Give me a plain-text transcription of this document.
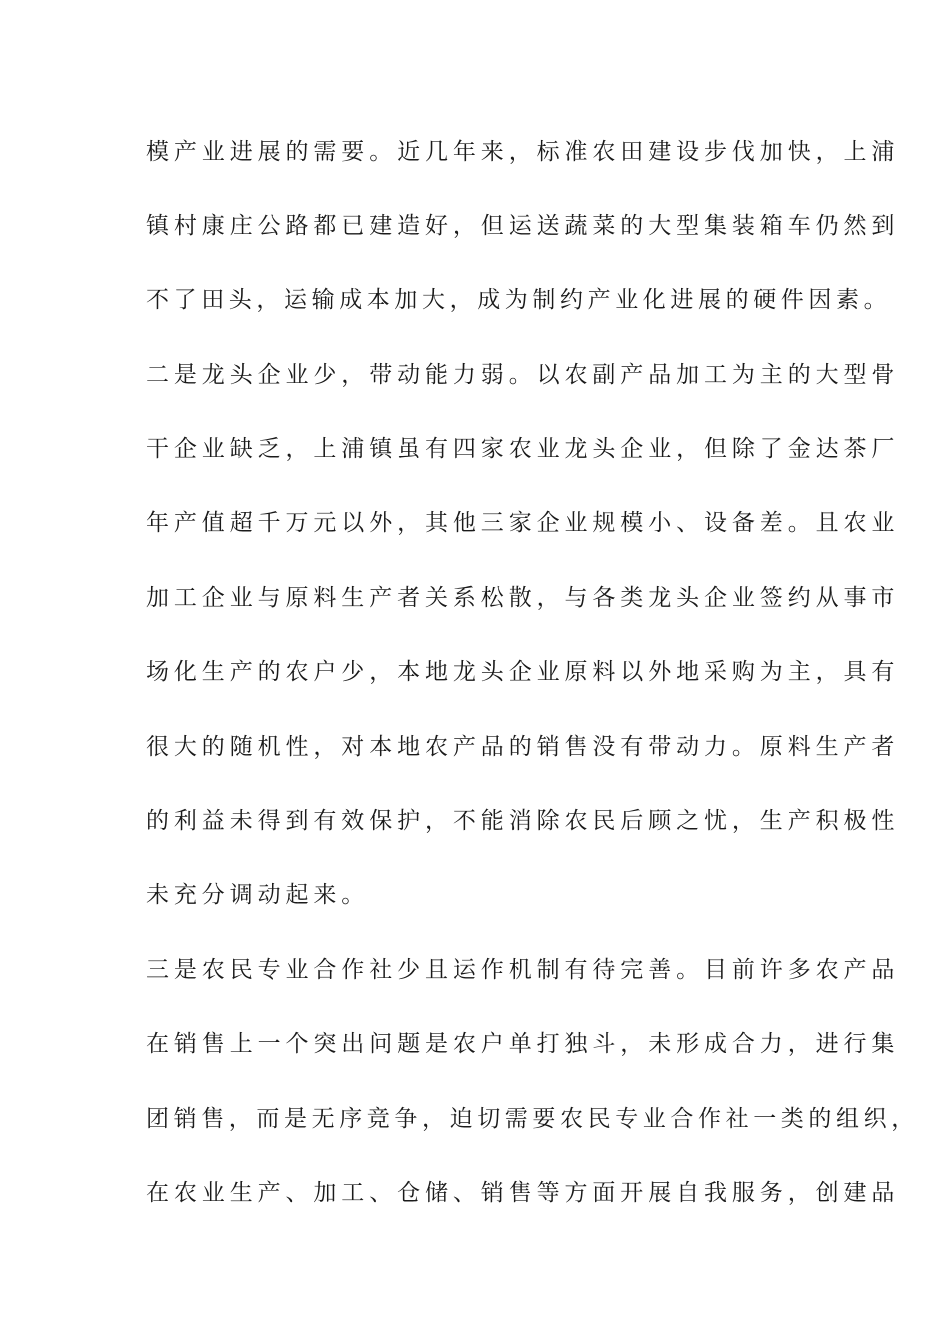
模产业进展的需要。近几年来，标准农田建设步伐加快，上浦
镇村康庄公路都已建造好，但运送蔬菜的大型集装箱车仍然到
不了田头，运输成本加大，成为制约产业化进展的硬件因素。
二是龙头企业少，带动能力弱。以农副产品加工为主的大型骨
干企业缺乏，上浦镇虽有四家农业龙头企业，但除了金达茶厂
年产值超千万元以外，其他三家企业规模小、设备差。且农业
加工企业与原料生产者关系松散，与各类龙头企业签约从事市
场化生产的农户少，本地龙头企业原料以外地采购为主，具有
很大的随机性，对本地农产品的销售没有带动力。原料生产者
的利益未得到有效保护，不能消除农民后顾之忧，生产积极性
未充分调动起来。
三是农民专业合作社少且运作机制有待完善。目前许多农产品
在销售上一个突出问题是农户单打独斗，未形成合力，进行集
团销售，而是无序竞争，迫切需要农民专业合作社一类的组织，
在农业生产、加工、仓储、销售等方面开展自我服务，创建品
